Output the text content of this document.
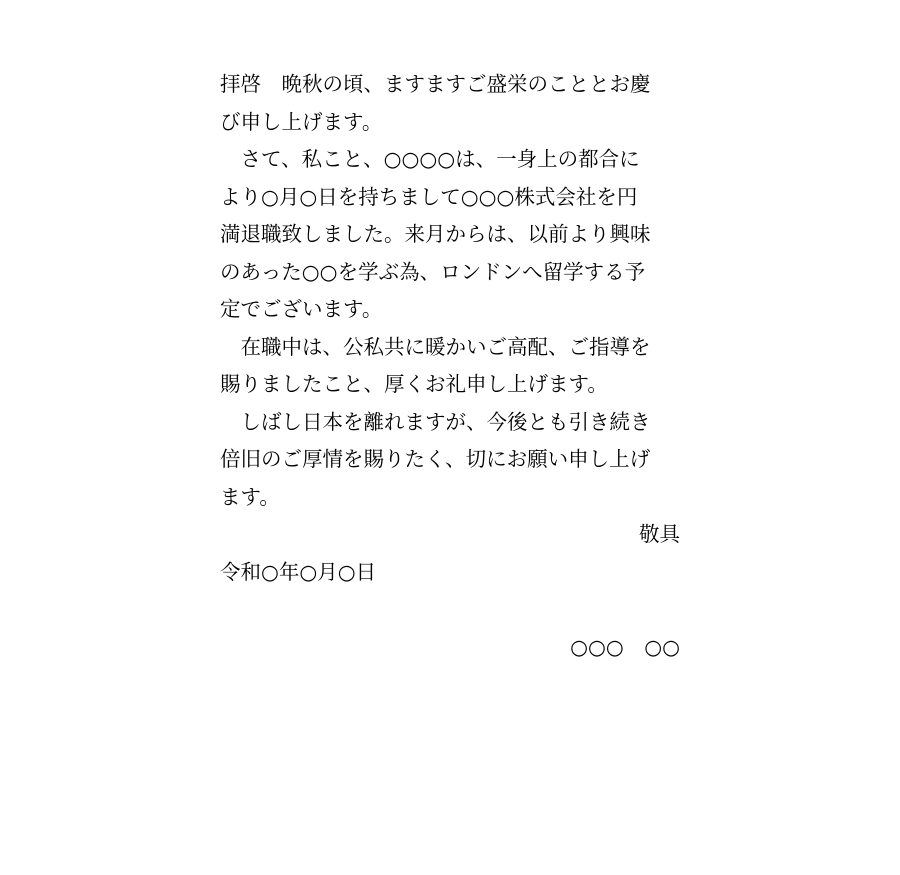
拝啓　晩秋の頃、ますますご盛栄のこととお慶
び申し上げます。
　さて、私こと、○○○○は、一身上の都合に
より○月○日を持ちまして○○○株式会社を円
満退職致しました。来月からは、以前より興味
のあった○○を学ぶ為、ロンドンへ留学する予
定でございます。
　在職中は、公私共に暖かいご高配、ご指導を
賜りましたこと、厚くお礼申し上げます。
　しばし日本を離れますが、今後とも引き続き
倍旧のご厚情を賜りたく、切にお願い申し上げ
ます。
敬具
令和○年○月○日
○○○　○○
